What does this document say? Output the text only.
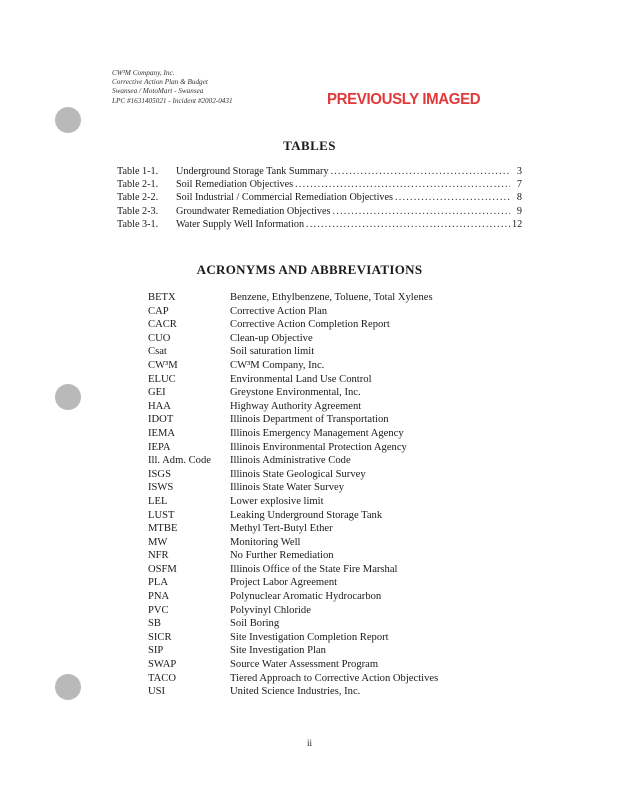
CW³M Company, Inc.
Corrective Action Plan & Budget
Swansea / MotoMart - Swansea
LPC #1631405021 - Incident #2002-0431	PREVIOUSLY IMAGED
TABLES
Table 1-1.	Underground Storage Tank Summary .....	3
Table 2-1.	Soil Remediation Objectives .....	7
Table 2-2.	Soil Industrial / Commercial Remediation Objectives .....	8
Table 2-3.	Groundwater Remediation Objectives .....	9
Table 3-1.	Water Supply Well Information .....	12
ACRONYMS AND ABBREVIATIONS
BETX	Benzene, Ethylbenzene, Toluene, Total Xylenes
CAP	Corrective Action Plan
CACR	Corrective Action Completion Report
CUO	Clean-up Objective
Csat	Soil saturation limit
CW³M	CW³M Company, Inc.
ELUC	Environmental Land Use Control
GEI	Greystone Environmental, Inc.
HAA	Highway Authority Agreement
IDOT	Illinois Department of Transportation
IEMA	Illinois Emergency Management Agency
IEPA	Illinois Environmental Protection Agency
Ill. Adm. Code	Illinois Administrative Code
ISGS	Illinois State Geological Survey
ISWS	Illinois State Water Survey
LEL	Lower explosive limit
LUST	Leaking Underground Storage Tank
MTBE	Methyl Tert-Butyl Ether
MW	Monitoring Well
NFR	No Further Remediation
OSFM	Illinois Office of the State Fire Marshal
PLA	Project Labor Agreement
PNA	Polynuclear Aromatic Hydrocarbon
PVC	Polyvinyl Chloride
SB	Soil Boring
SICR	Site Investigation Completion Report
SIP	Site Investigation Plan
SWAP	Source Water Assessment Program
TACO	Tiered Approach to Corrective Action Objectives
USI	United Science Industries, Inc.
ii
